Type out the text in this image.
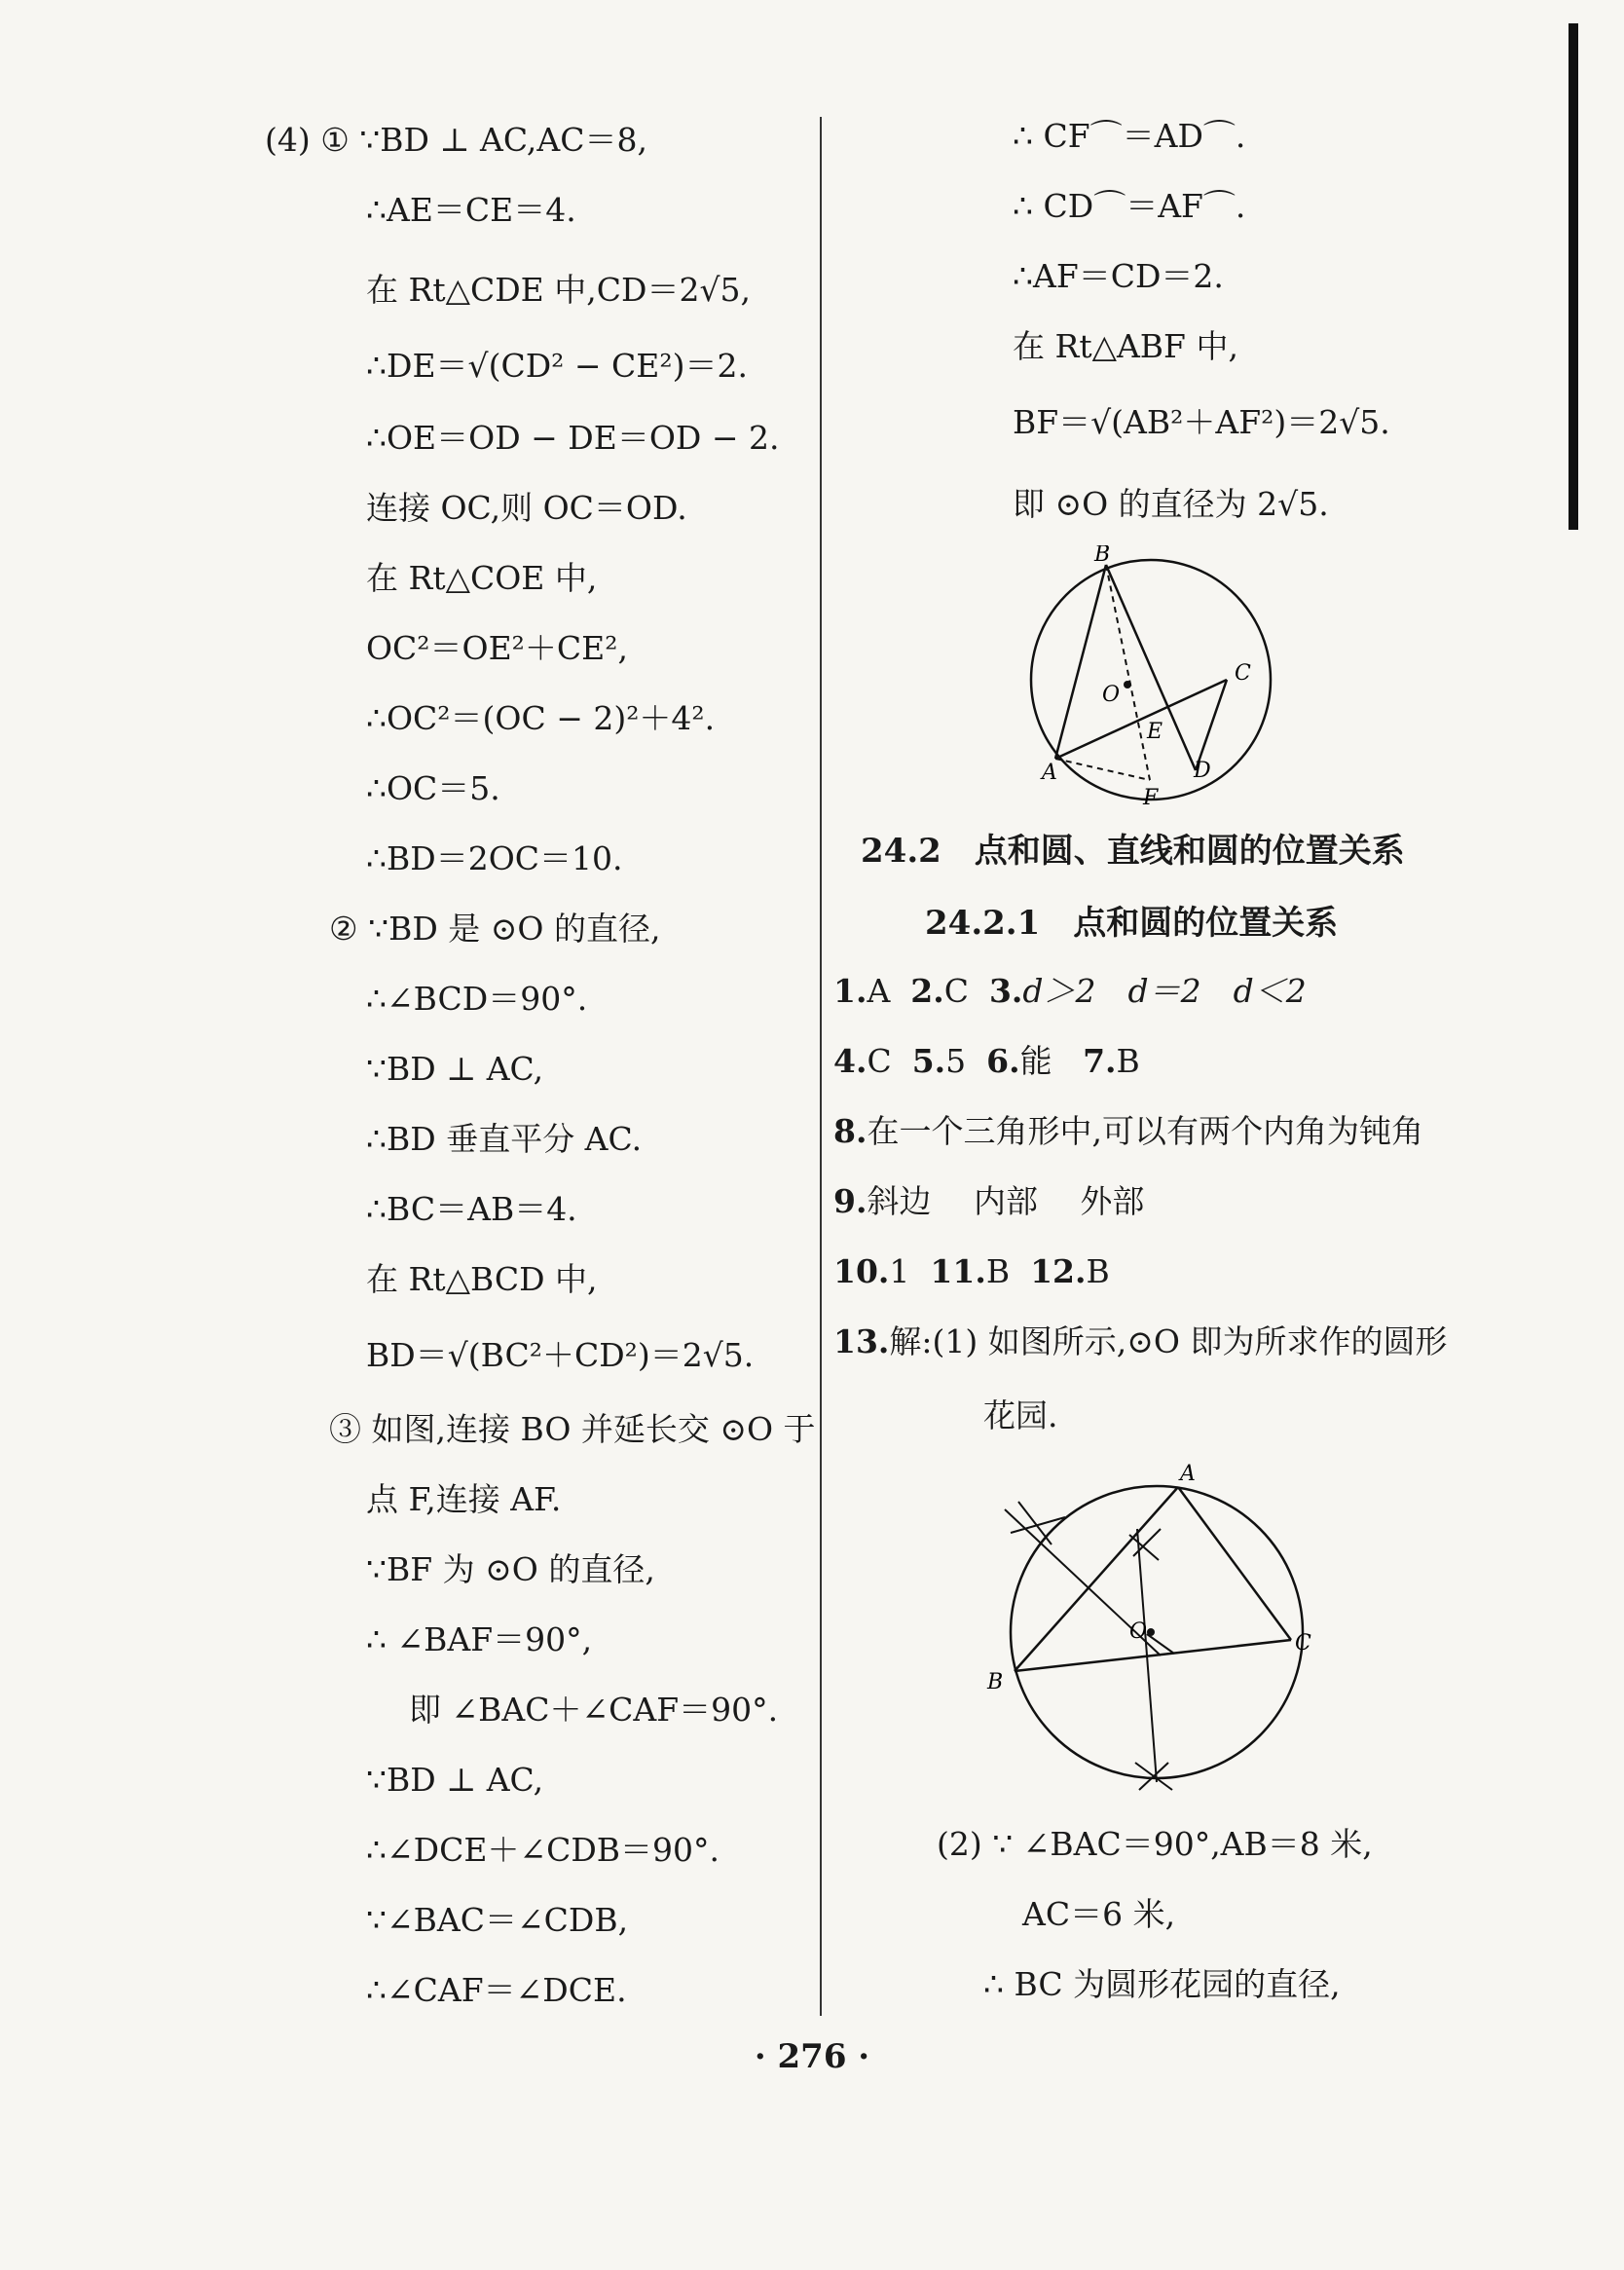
(4) ① ∵BD ⊥ AC,AC＝8,
∴AE＝CE＝4.
在 Rt△CDE 中,CD＝2√5,
∴DE＝√(CD² − CE²)＝2.
∴OE＝OD − DE＝OD − 2.
连接 OC,则 OC＝OD.
在 Rt△COE 中,
OC²＝OE²＋CE²,
∴OC²＝(OC − 2)²＋4².
∴OC＝5.
∴BD＝2OC＝10.
② ∵BD 是 ⊙O 的直径,
∴∠BCD＝90°.
∵BD ⊥ AC,
∴BD 垂直平分 AC.
∴BC＝AB＝4.
在 Rt△BCD 中,
BD＝√(BC²＋CD²)＝2√5.
③ 如图,连接 BO 并延长交 ⊙O 于
点 F,连接 AF.
∵BF 为 ⊙O 的直径,
∴ ∠BAF＝90°,
即 ∠BAC＋∠CAF＝90°.
∵BD ⊥ AC,
∴∠DCE＋∠CDB＝90°.
∵∠BAC＝∠CDB,
∴∠CAF＝∠DCE.
∴ CF⌒＝AD⌒.
∴ CD⌒＝AF⌒.
∴AF＝CD＝2.
在 Rt△ABF 中,
BF＝√(AB²＋AF²)＝2√5.
即 ⊙O 的直径为 2√5.
B
C
O
E
A	D
F
24.2　点和圆、直线和圆的位置关系
24.2.1　点和圆的位置关系
1.A 2.C 3.d＞2　d＝2　d＜2
4.C 5.5 6.能 7.B
8.在一个三角形中,可以有两个内角为钝角
9.斜边　 内部　 外部
10.1 11.B 12.B
13.解:(1) 如图所示,⊙O 即为所求作的圆形
花园.
A
B
C
O
(2) ∵ ∠BAC＝90°,AB＝8 米,
AC＝6 米,
∴ BC 为圆形花园的直径,
· 276 ·
